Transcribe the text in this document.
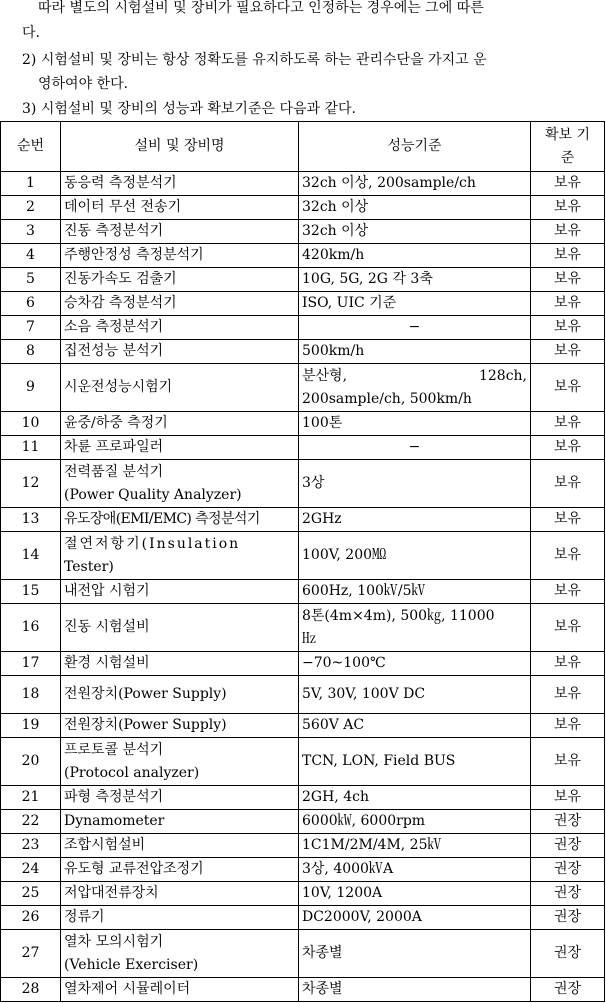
따라 별도의 시험설비 및 장비가 필요하다고 인정하는 경우에는 그에 따른
다.
2) 시험설비 및 장비는 항상 정확도를 유지하도록 하는 관리수단을 가지고 운
영하여야 한다.
3) 시험설비 및 장비의 성능과 확보기준은 다음과 같다.
순번	설비 및 장비명	성능기준	확보 기
준

1	동응력 측정분석기	32ch 이상, 200sample/ch	보유
2	데이터 무선 전송기	32ch 이상	보유
3	진동 측정분석기	32ch 이상	보유
4	주행안정성 측정분석기	420km/h	보유
5	진동가속도 검출기	10G, 5G, 2G 각 3축	보유
6	승차감 측정분석기	ISO, UIC 기준	보유
7	소음 측정분석기	−	보유
8	집전성능 분석기	500km/h	보유
9	시운전성능시험기	분산형, 128ch,
200sample/ch, 500km/h	보유
10	윤중/하중 측정기	100톤	보유
11	차륜 프로파일러	−	보유
12	전력품질 분석기
(Power Quality Analyzer)	3상	보유
13	유도장애(EMI/EMC) 측정분석기	2GHz	보유
14	절연저항기(Insulation
Tester)	100V, 200㏁	보유
15	내전압 시험기	600Hz, 100㎸/5㎸	보유
16	진동 시험설비	8톤(4m×4m), 500㎏, 11000
㎐	보유
17	환경 시험설비	−70~100℃	보유
18	전원장치(Power Supply)	5V, 30V, 100V DC	보유
19	전원장치(Power Supply)	560V AC	보유
20	프로토콜 분석기
(Protocol analyzer)	TCN, LON, Field BUS	보유
21	파형 측정분석기	2GH, 4ch	보유
22	Dynamometer	6000㎾, 6000rpm	권장
23	조합시험설비	1C1M/2M/4M, 25㎸	권장
24	유도형 교류전압조정기	3상, 4000㎸A	권장
25	저압대전류장치	10V, 1200A	권장
26	정류기	DC2000V, 2000A	권장
27	열차 모의시험기
(Vehicle Exerciser)	차종별	권장
28	열차제어 시뮬레이터	차종별	권장
